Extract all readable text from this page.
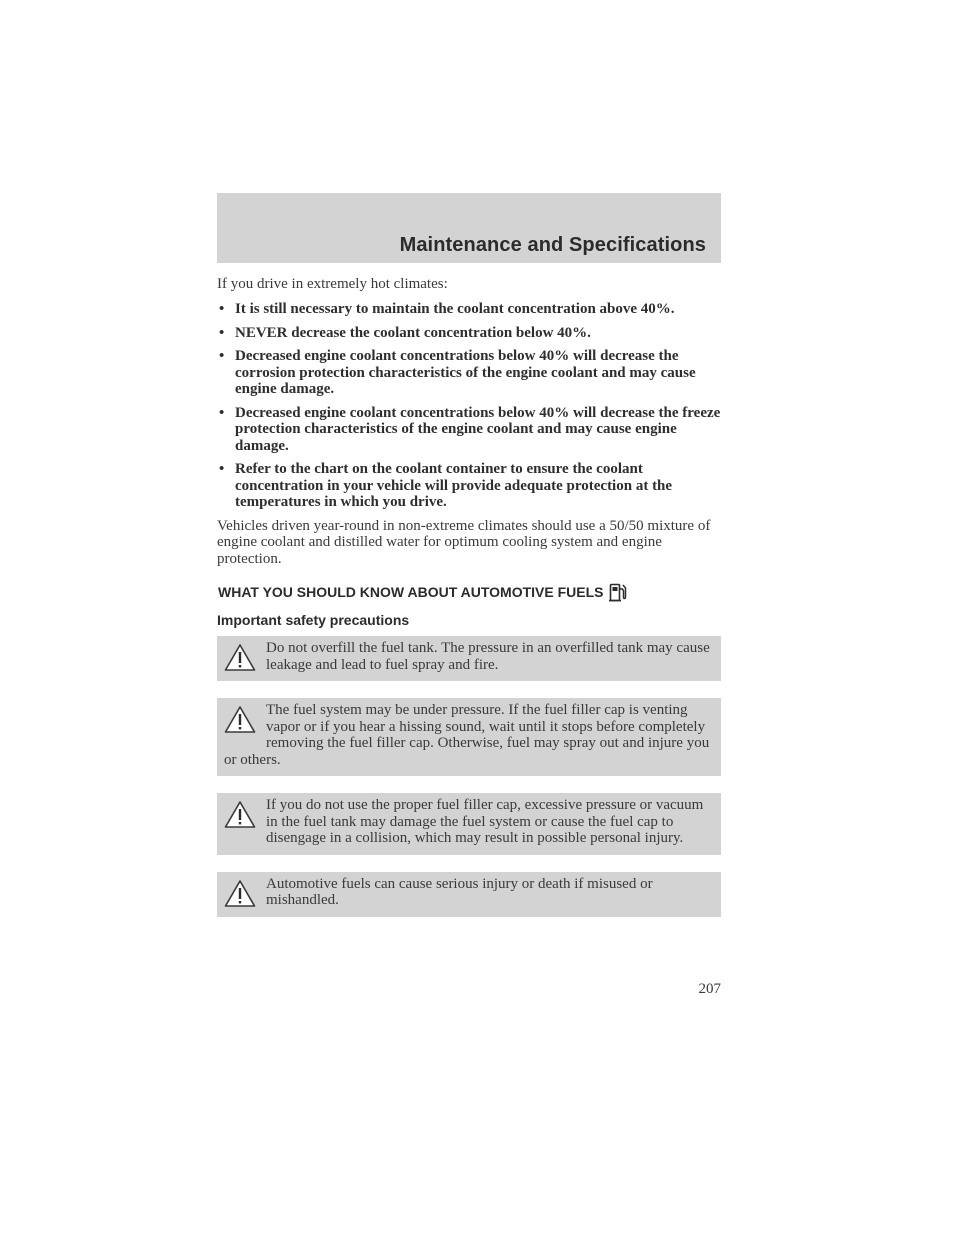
Maintenance and Specifications

If you drive in extremely hot climates:

• It is still necessary to maintain the coolant concentration above 40%.
• NEVER decrease the coolant concentration below 40%.
• Decreased engine coolant concentrations below 40% will decrease the corrosion protection characteristics of the engine coolant and may cause engine damage.
• Decreased engine coolant concentrations below 40% will decrease the freeze protection characteristics of the engine coolant and may cause engine damage.
• Refer to the chart on the coolant container to ensure the coolant concentration in your vehicle will provide adequate protection at the temperatures in which you drive.

Vehicles driven year-round in non-extreme climates should use a 50/50 mixture of engine coolant and distilled water for optimum cooling system and engine protection.

WHAT YOU SHOULD KNOW ABOUT AUTOMOTIVE FUELS
Important safety precautions
Do not overfill the fuel tank. The pressure in an overfilled tank may cause leakage and lead to fuel spray and fire.
The fuel system may be under pressure. If the fuel filler cap is venting vapor or if you hear a hissing sound, wait until it stops before completely removing the fuel filler cap. Otherwise, fuel may spray out and injure you or others.
If you do not use the proper fuel filler cap, excessive pressure or vacuum in the fuel tank may damage the fuel system or cause the fuel cap to disengage in a collision, which may result in possible personal injury.
Automotive fuels can cause serious injury or death if misused or mishandled.
207
